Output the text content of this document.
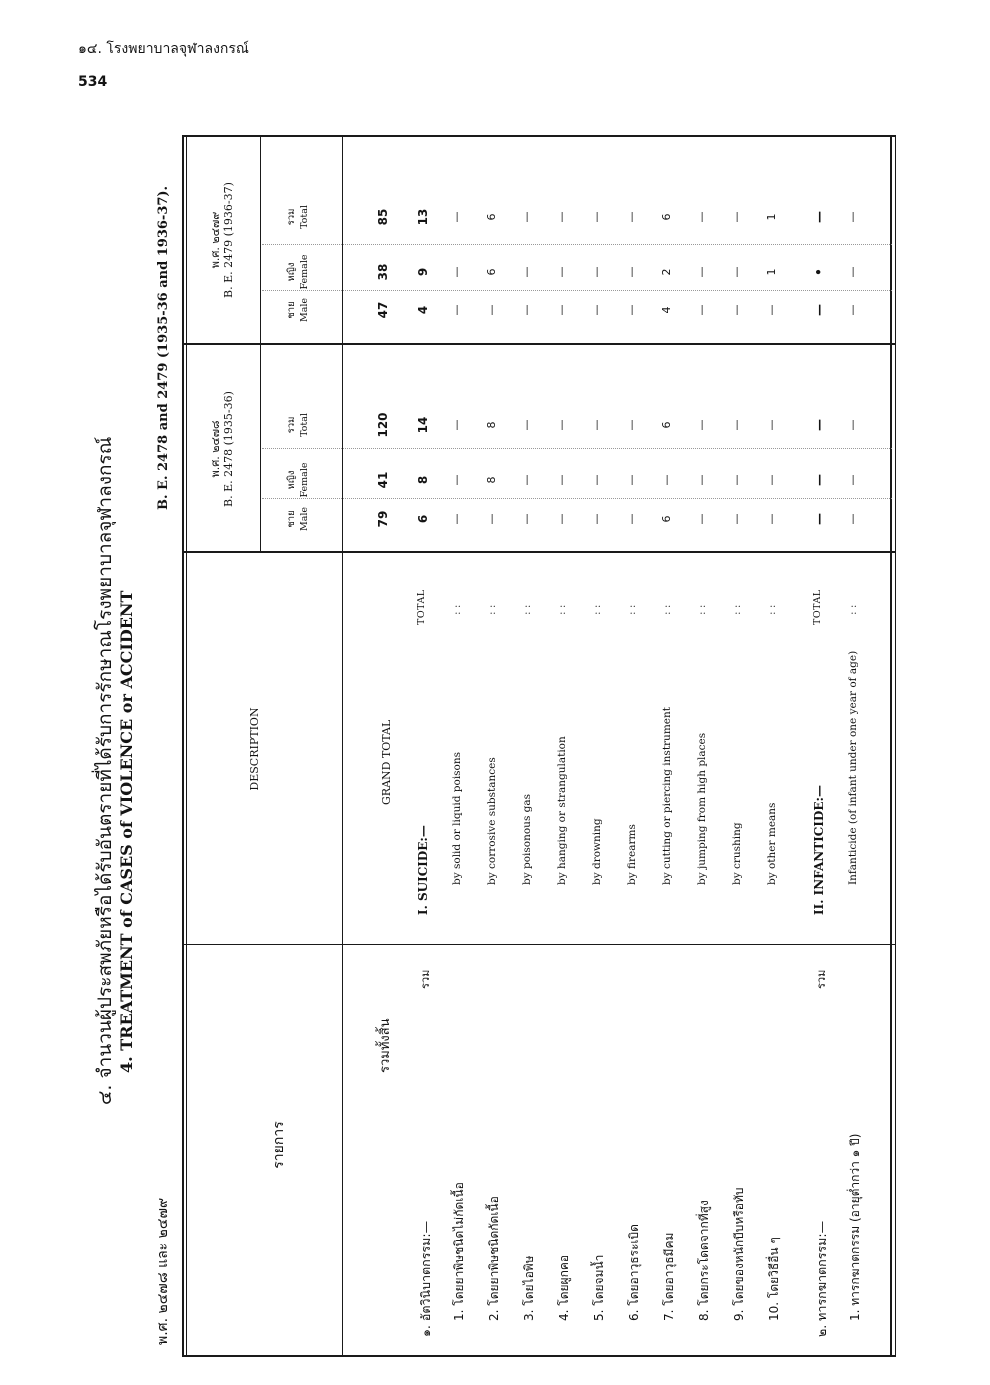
๑๔. โรงพยาบาลจุฬาลงกรณ์
534
๔. จำนวนผู้ประสพภัยหรือได้รับอันตรายที่ได้รับการรักษาณโรงพยาบาลจุฬาลงกรณ์ 4. TREATMENT of CASES of VIOLENCE or ACCIDENT
พ.ศ. ๒๔๗๘ และ ๒๔๗๙
B. E. 2478 and 2479 (1935-36 and 1936-37).
รายการ
DESCRIPTION
พ.ศ. ๒๔๗๘ B. E. 2478 (1935-36)
ชาย Male
หญิง Female
รวม Total
พ.ศ. ๒๔๗๙ B. E. 2479 (1936-37)
ชาย Male
หญิง Female
รวม Total
รวมทั้งสิ้น
GRAND TOTAL
79
41
120
47
38
85
๑. อัตวินิบาตกรรม:—
I. SUICIDE:—
รวม
TOTAL
6
8
14
4
9
13
1. โดยยาพิษชนิดไม่กัดเนื้อ
by solid or liquid poisons
: :
—
—
—
—
—
—
2. โดยยาพิษชนิดกัดเนื้อ
by corrosive substances
: :
—
8
8
—
6
6
3. โดยไอพิษ
by poisonous gas
: :
—
—
—
—
—
—
4. โดยผูกคอ
by hanging or strangulation
: :
—
—
—
—
—
—
5. โดยจมน้ำ
by drowning
: :
—
—
—
—
—
—
6. โดยอาวุธระเบิด
by firearms
: :
—
—
—
—
—
—
7. โดยอาวุธมีคม
by cutting or piercing instrument
: :
6
—
6
4
2
6
8. โดยกระโดดจากที่สูง
by jumping from high places
: :
—
—
—
—
—
—
9. โดยของหนักบีบหรือทับ
by crushing
: :
—
—
—
—
—
—
10. โดยวิธีอื่น ๆ
by other means
: :
—
—
—
—
1
1
๒. ทารกฆาตกรรม:—
II. INFANTICIDE:—
รวม
TOTAL
—
—
—
—
•
—
1. ทารกฆาตกรรม (อายุต่ำกว่า ๑ ปี)
Infanticide (of infant under one year of age)
: :
—
—
—
—
—
—
